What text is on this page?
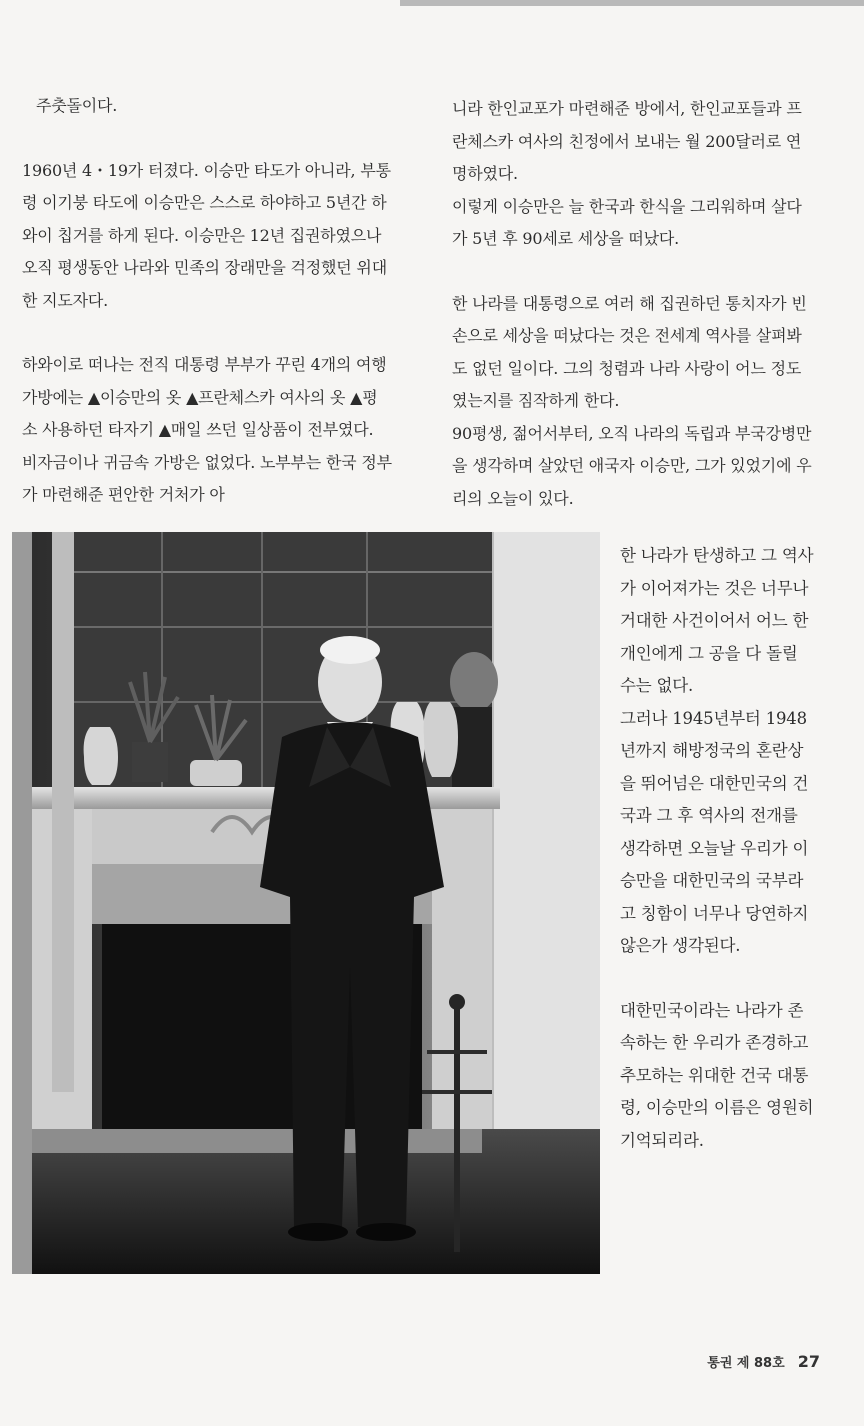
주춧돌이다.

1960년 4・19가 터졌다. 이승만 타도가 아니라, 부통령 이기붕 타도에 이승만은 스스로 하야하고 5년간 하와이 칩거를 하게 된다. 이승만은 12년 집권하였으나 오직 평생동안 나라와 민족의 장래만을 걱정했던 위대한 지도자다.

하와이로 떠나는 전직 대통령 부부가 꾸린 4개의 여행 가방에는 ▲이승만의 옷 ▲프란체스카 여사의 옷 ▲평소 사용하던 타자기 ▲매일 쓰던 일상품이 전부였다. 비자금이나 귀금속 가방은 없었다. 노부부는 한국 정부가 마련해준 편안한 거처가 아

니라 한인교포가 마련해준 방에서, 한인교포들과 프란체스카 여사의 친정에서 보내는 월 200달러로 연명하였다.

이렇게 이승만은 늘 한국과 한식을 그리워하며 살다가 5년 후 90세로 세상을 떠났다.

한 나라를 대통령으로 여러 해 집권하던 통치자가 빈손으로 세상을 떠났다는 것은 전세계 역사를 살펴봐도 없던 일이다. 그의 청렴과 나라 사랑이 어느 정도였는지를 짐작하게 한다.

90평생, 젊어서부터, 오직 나라의 독립과 부국강병만을 생각하며 살았던 애국자 이승만, 그가 있었기에 우리의 오늘이 있다.

한 나라가 탄생하고 그 역사가 이어져가는 것은 너무나 거대한 사건이어서 어느 한 개인에게 그 공을 다 돌릴 수는 없다.

그러나 1945년부터 1948년까지 해방정국의 혼란상을 뛰어넘은 대한민국의 건국과 그 후 역사의 전개를 생각하면 오늘날 우리가 이승만을 대한민국의 국부라고 칭함이 너무나 당연하지 않은가 생각된다.

대한민국이라는 나라가 존속하는 한 우리가 존경하고 추모하는 위대한 건국 대통령, 이승만의 이름은 영원히 기억되리라.

통권 제 88호 27
